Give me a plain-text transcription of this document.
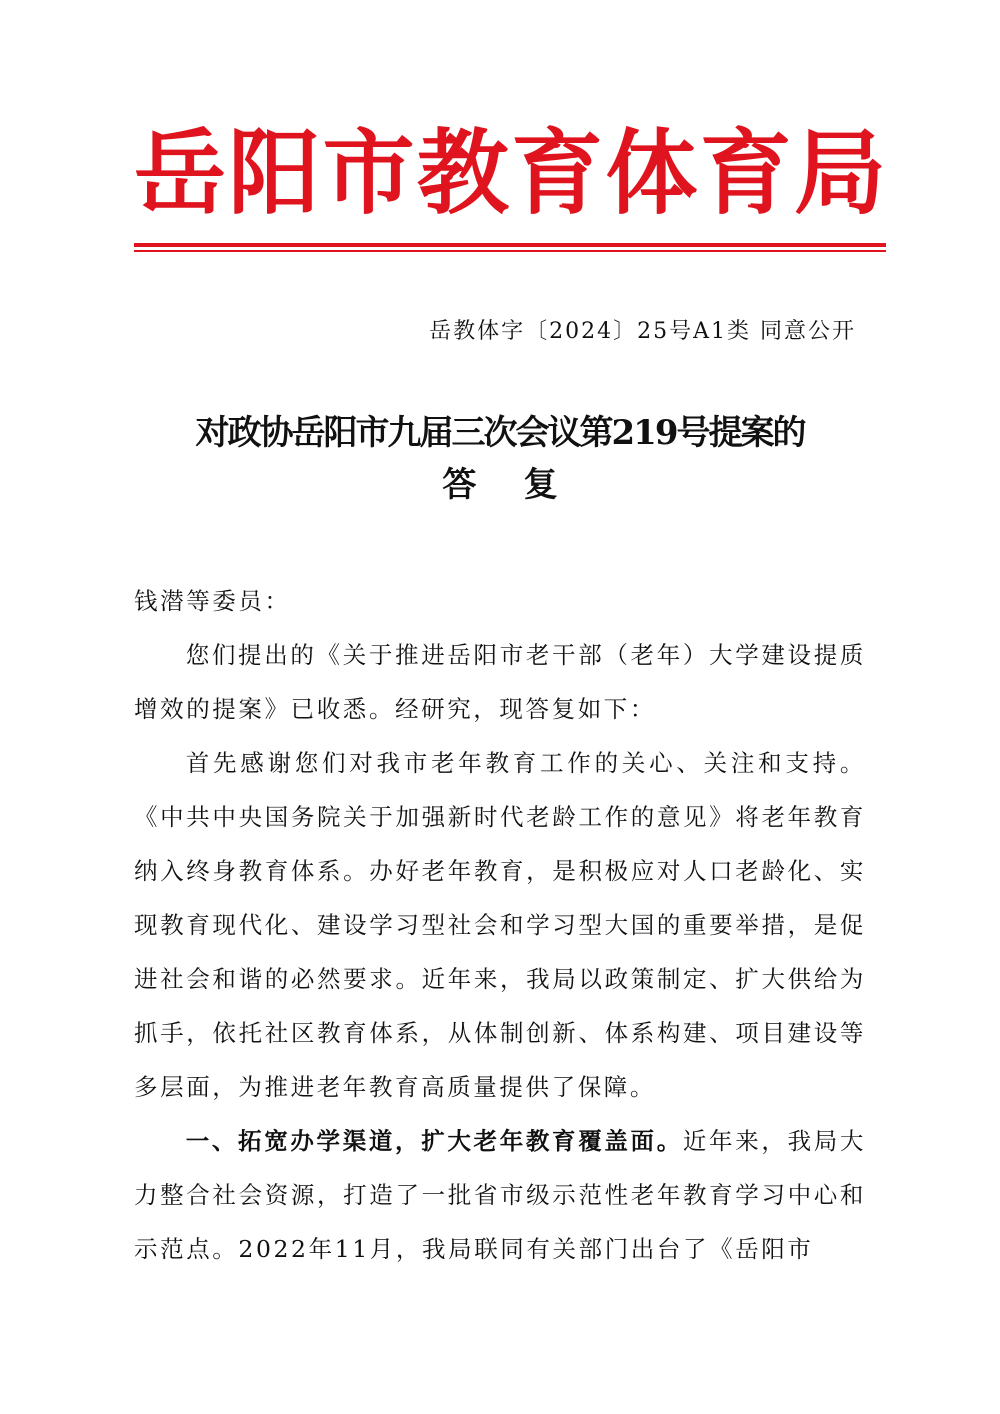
岳 阳 市 教 育 体 育 局
岳教体字〔2024〕25号A1类 同意公开
对政协岳阳市九届三次会议第219号提案的
答    复

钱潜等委员：

您们提出的《关于推进岳阳市老干部（老年）大学建设提质增效的提案》已收悉。经研究，现答复如下：

首先感谢您们对我市老年教育工作的关心、关注和支持。《中共中央国务院关于加强新时代老龄工作的意见》将老年教育纳入终身教育体系。办好老年教育，是积极应对人口老龄化、实现教育现代化、建设学习型社会和学习型大国的重要举措，是促进社会和谐的必然要求。近年来，我局以政策制定、扩大供给为抓手，依托社区教育体系，从体制创新、体系构建、项目建设等多层面，为推进老年教育高质量提供了保障。

一、拓宽办学渠道，扩大老年教育覆盖面。近年来，我局大力整合社会资源，打造了一批省市级示范性老年教育学习中心和示范点。2022年11月，我局联同有关部门出台了《岳阳市
